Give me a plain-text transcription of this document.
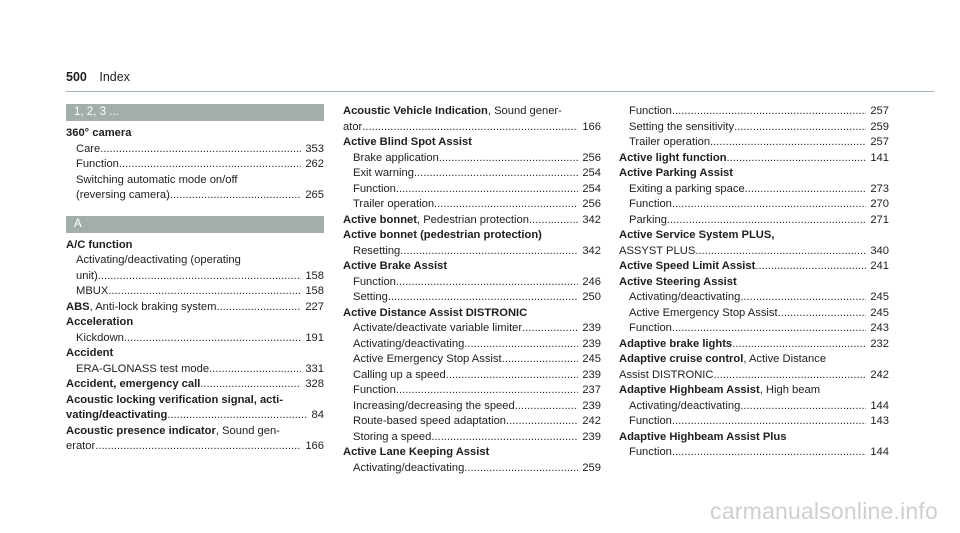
500 Index
1, 2, 3 ...
360° camera
Care .....	353
Function .....	262
Switching automatic mode on/off
(reversing camera) .....	265
A
A/C function
Activating/deactivating (operating
unit) .....	158
MBUX .....	158
ABS, Anti-lock braking system .....	227
Acceleration
Kickdown .....	191
Accident
ERA-GLONASS test mode .....	331
Accident, emergency call .....	328
Acoustic locking verification signal, acti-
vating/deactivating .....	84
Acoustic presence indicator, Sound gen-
erator .....	166
Acoustic Vehicle Indication, Sound gener-
ator .....	166
Active Blind Spot Assist
Brake application .....	256
Exit warning .....	254
Function .....	254
Trailer operation .....	256
Active bonnet, Pedestrian protection .....	342
Active bonnet (pedestrian protection)
Resetting .....	342
Active Brake Assist
Function .....	246
Setting .....	250
Active Distance Assist DISTRONIC
Activate/deactivate variable limiter .....	239
Activating/deactivating .....	239
Active Emergency Stop Assist .....	245
Calling up a speed .....	239
Function .....	237
Increasing/decreasing the speed .....	239
Route-based speed adaptation .....	242
Storing a speed .....	239
Active Lane Keeping Assist
Activating/deactivating .....	259
Function .....	257
Setting the sensitivity .....	259
Trailer operation .....	257
Active light function .....	141
Active Parking Assist
Exiting a parking space .....	273
Function .....	270
Parking .....	271
Active Service System PLUS,
ASSYST PLUS .....	340
Active Speed Limit Assist .....	241
Active Steering Assist
Activating/deactivating .....	245
Active Emergency Stop Assist .....	245
Function .....	243
Adaptive brake lights .....	232
Adaptive cruise control, Active Distance
Assist DISTRONIC .....	242
Adaptive Highbeam Assist, High beam
Activating/deactivating .....	144
Function .....	143
Adaptive Highbeam Assist Plus
Function .....	144
carmanualsonline.info
